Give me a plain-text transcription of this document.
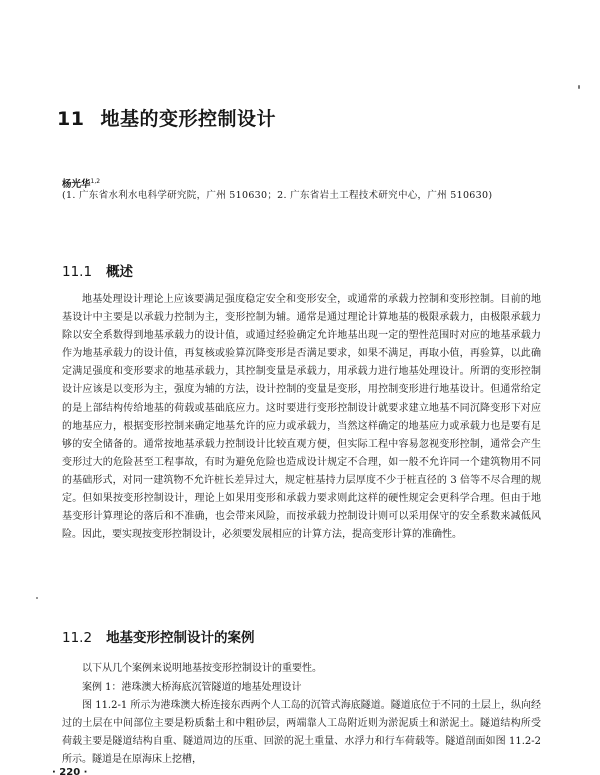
11 地基的变形控制设计
杨光华$^{1,2}$
(1. 广东省水利水电科学研究院，广州 510630；2. 广东省岩土工程技术研究中心，广州 510630)
11.1 概述

地基处理设计理论上应该要满足强度稳定安全和变形安全，或通常的承载力控制和变形控制。目前的地基设计中主要是以承载力控制为主，变形控制为辅。通常是通过理论计算地基的极限承载力，由极限承载力除以安全系数得到地基承载力的设计值，或通过经验确定允许地基出现一定的塑性范围时对应的地基承载力作为地基承载力的设计值，再复核或验算沉降变形是否满足要求，如果不满足，再取小值，再验算，以此确定满足强度和变形要求的地基承载力，其控制变量是承载力，用承载力进行地基处理设计。所谓的变形控制设计应该是以变形为主，强度为辅的方法，设计控制的变量是变形，用控制变形进行地基设计。但通常给定的是上部结构传给地基的荷载或基础底应力。这时要进行变形控制设计就要求建立地基不同沉降变形下对应的地基应力，根据变形控制来确定地基允许的应力或承载力，当然这样确定的地基应力或承载力也是要有足够的安全储备的。通常按地基承载力控制设计比较直观方便，但实际工程中容易忽视变形控制，通常会产生变形过大的危险甚至工程事故，有时为避免危险也造成设计规定不合理，如一般不允许同一个建筑物用不同的基础形式，对同一建筑物不允许桩长差异过大，规定桩基持力层厚度不少于桩直径的 3 倍等不尽合理的规定。但如果按变形控制设计，理论上如果用变形和承载力要求则此这样的硬性规定会更科学合理。但由于地基变形计算理论的落后和不准确，也会带来风险，而按承载力控制设计则可以采用保守的安全系数来减低风险。因此，要实现按变形控制设计，必须要发展相应的计算方法，提高变形计算的准确性。

11.2 地基变形控制设计的案例

以下从几个案例来说明地基按变形控制设计的重要性。

案例 1：港珠澳大桥海底沉管隧道的地基处理设计

图 11.2-1 所示为港珠澳大桥连接东西两个人工岛的沉管式海底隧道。隧道底位于不同的土层上，纵向经过的土层在中间部位主要是粉质黏土和中粗砂层，两端靠人工岛附近则为淤泥质土和淤泥土。隧道结构所受荷载主要是隧道结构自重、隧道周边的压重、回淤的泥土重量、水浮力和行车荷载等。隧道剖面如图 11.2-2 所示。隧道是在原海床上挖槽，

· 220 ·
